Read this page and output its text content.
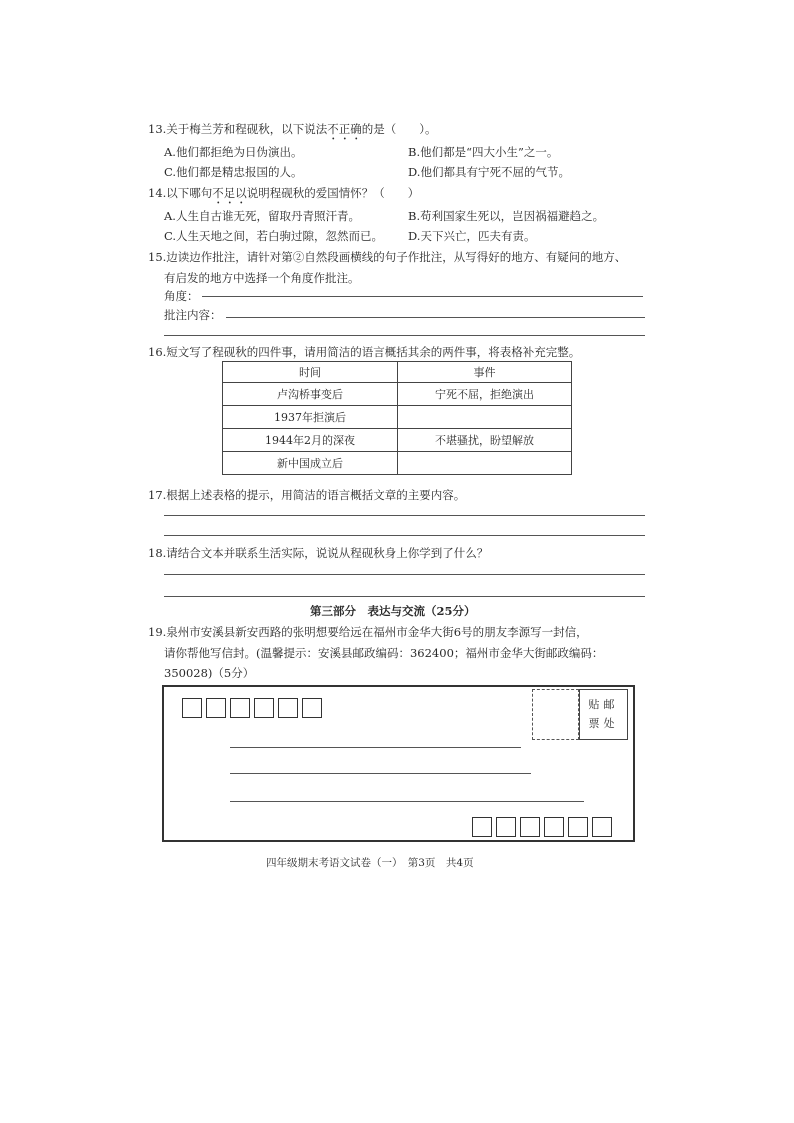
13.关于梅兰芳和程砚秋，以下说法不正确的是（　　）。
A.他们都拒绝为日伪演出。	B.他们都是“四大小生”之一。
C.他们都是精忠报国的人。	D.他们都具有宁死不屈的气节。
14.以下哪句不足以说明程砚秋的爱国情怀？（　　）
A.人生自古谁无死，留取丹青照汗青。	B.苟利国家生死以，岂因祸福避趋之。
C.人生天地之间，若白驹过隙，忽然而已。 D.天下兴亡，匹夫有责。
15.边读边作批注，请针对第②自然段画横线的句子作批注，从写得好的地方、有疑问的地方、
有启发的地方中选择一个角度作批注。
角度：
批注内容：
16.短文写了程砚秋的四件事，请用简洁的语言概括其余的两件事，将表格补充完整。
时间	事件
卢沟桥事变后	宁死不屈，拒绝演出
1937年拒演后	
1944年2月的深夜	不堪骚扰，盼望解放
新中国成立后	
17.根据上述表格的提示，用简洁的语言概括文章的主要内容。
18.请结合文本并联系生活实际，说说从程砚秋身上你学到了什么？
第三部分　表达与交流（25分）
19.泉州市安溪县新安西路的张明想要给远在福州市金华大街6号的朋友李源写一封信，
请你帮他写信封。(温馨提示：安溪县邮政编码：362400；福州市金华大街邮政编码：
350028)（5分）
贴邮
票处
四年级期末考语文试卷（一）　第3页　共4页
